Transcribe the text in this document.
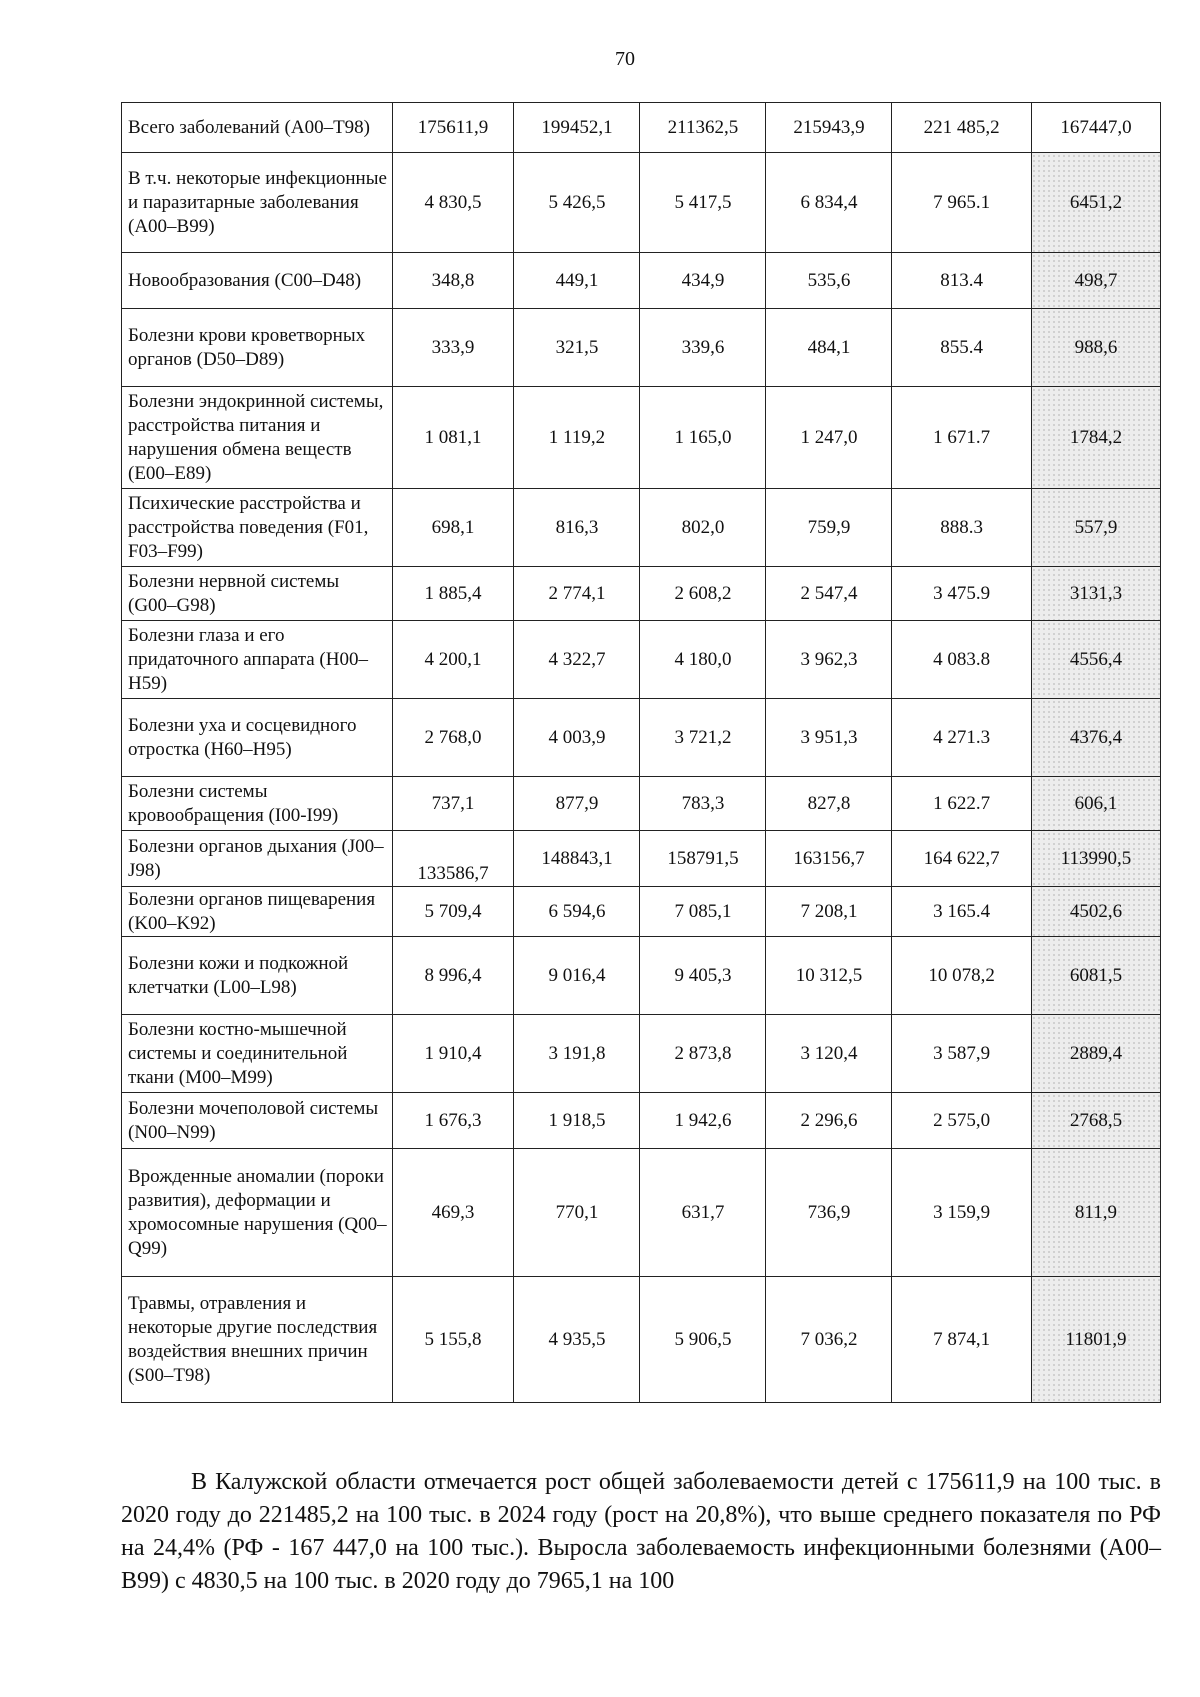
70
Всего заболеваний (A00–T98)	175611,9	199452,1	211362,5	215943,9	221 485,2	167447,0
В т.ч. некоторые инфекционные и паразитарные заболевания (A00–B99)	4 830,5	5 426,5	5 417,5	6 834,4	7 965.1	6451,2
Новообразования (C00–D48)	348,8	449,1	434,9	535,6	813.4	498,7
Болезни крови кроветворных органов (D50–D89)	333,9	321,5	339,6	484,1	855.4	988,6
Болезни эндокринной системы, расстройства питания и нарушения обмена веществ (E00–E89)	1 081,1	1 119,2	1 165,0	1 247,0	1 671.7	1784,2
Психические расстройства и расстройства поведения (F01, F03–F99)	698,1	816,3	802,0	759,9	888.3	557,9
Болезни нервной системы (G00–G98)	1 885,4	2 774,1	2 608,2	2 547,4	3 475.9	3131,3
Болезни глаза и его придаточного аппарата (H00–H59)	4 200,1	4 322,7	4 180,0	3 962,3	4 083.8	4556,4
Болезни уха и сосцевидного отростка (H60–H95)	2 768,0	4 003,9	3 721,2	3 951,3	4 271.3	4376,4
Болезни системы кровообращения (I00-I99)	737,1	877,9	783,3	827,8	1 622.7	606,1
Болезни органов дыхания (J00–J98)	133586,7	148843,1	158791,5	163156,7	164 622,7	113990,5
Болезни органов пищеварения (K00–K92)	5 709,4	6 594,6	7 085,1	7 208,1	3 165.4	4502,6
Болезни кожи и подкожной клетчатки (L00–L98)	8 996,4	9 016,4	9 405,3	10 312,5	10 078,2	6081,5
Болезни костно-мышечной системы и соединительной ткани (M00–M99)	1 910,4	3 191,8	2 873,8	3 120,4	3 587,9	2889,4
Болезни мочеполовой системы (N00–N99)	1 676,3	1 918,5	1 942,6	2 296,6	2 575,0	2768,5
Врожденные аномалии (пороки развития), деформации и хромосомные нарушения (Q00–Q99)	469,3	770,1	631,7	736,9	3 159,9	811,9
Травмы, отравления и некоторые другие последствия воздействия внешних причин (S00–T98)	5 155,8	4 935,5	5 906,5	7 036,2	7 874,1	11801,9

В Калужской области отмечается рост общей заболеваемости детей с 175611,9 на 100 тыс. в 2020 году до 221485,2 на 100 тыс. в 2024 году (рост на 20,8%), что выше среднего показателя по РФ на 24,4% (РФ - 167 447,0 на 100 тыс.). Выросла заболеваемость инфекционными болезнями (A00–B99) с 4830,5 на 100 тыс. в 2020 году до 7965,1 на 100
